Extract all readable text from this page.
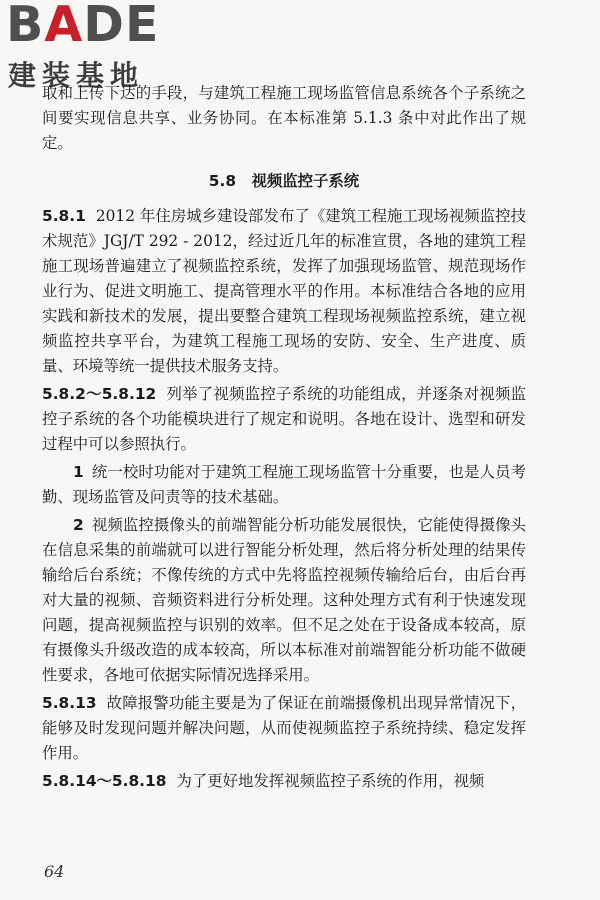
BADE
建装基地

取和上传下达的手段，与建筑工程施工现场监管信息系统各个子系统之间要实现信息共享、业务协同。在本标准第 5.1.3 条中对此作出了规定。

5.8　视频监控子系统

5.8.1 2012 年住房城乡建设部发布了《建筑工程施工现场视频监控技术规范》JGJ/T 292 - 2012，经过近几年的标准宣贯，各地的建筑工程施工现场普遍建立了视频监控系统，发挥了加强现场监管、规范现场作业行为、促进文明施工、提高管理水平的作用。本标准结合各地的应用实践和新技术的发展，提出要整合建筑工程现场视频监控系统，建立视频监控共享平台，为建筑工程施工现场的安防、安全、生产进度、质量、环境等统一提供技术服务支持。

5.8.2～5.8.12 列举了视频监控子系统的功能组成，并逐条对视频监控子系统的各个功能模块进行了规定和说明。各地在设计、选型和研发过程中可以参照执行。

1 统一校时功能对于建筑工程施工现场监管十分重要，也是人员考勤、现场监管及问责等的技术基础。

2 视频监控摄像头的前端智能分析功能发展很快，它能使得摄像头在信息采集的前端就可以进行智能分析处理，然后将分析处理的结果传输给后台系统；不像传统的方式中先将监控视频传输给后台，由后台再对大量的视频、音频资料进行分析处理。这种处理方式有利于快速发现问题，提高视频监控与识别的效率。但不足之处在于设备成本较高，原有摄像头升级改造的成本较高，所以本标准对前端智能分析功能不做硬性要求，各地可依据实际情况选择采用。

5.8.13 故障报警功能主要是为了保证在前端摄像机出现异常情况下，能够及时发现问题并解决问题，从而使视频监控子系统持续、稳定发挥作用。

5.8.14～5.8.18 为了更好地发挥视频监控子系统的作用，视频

64
